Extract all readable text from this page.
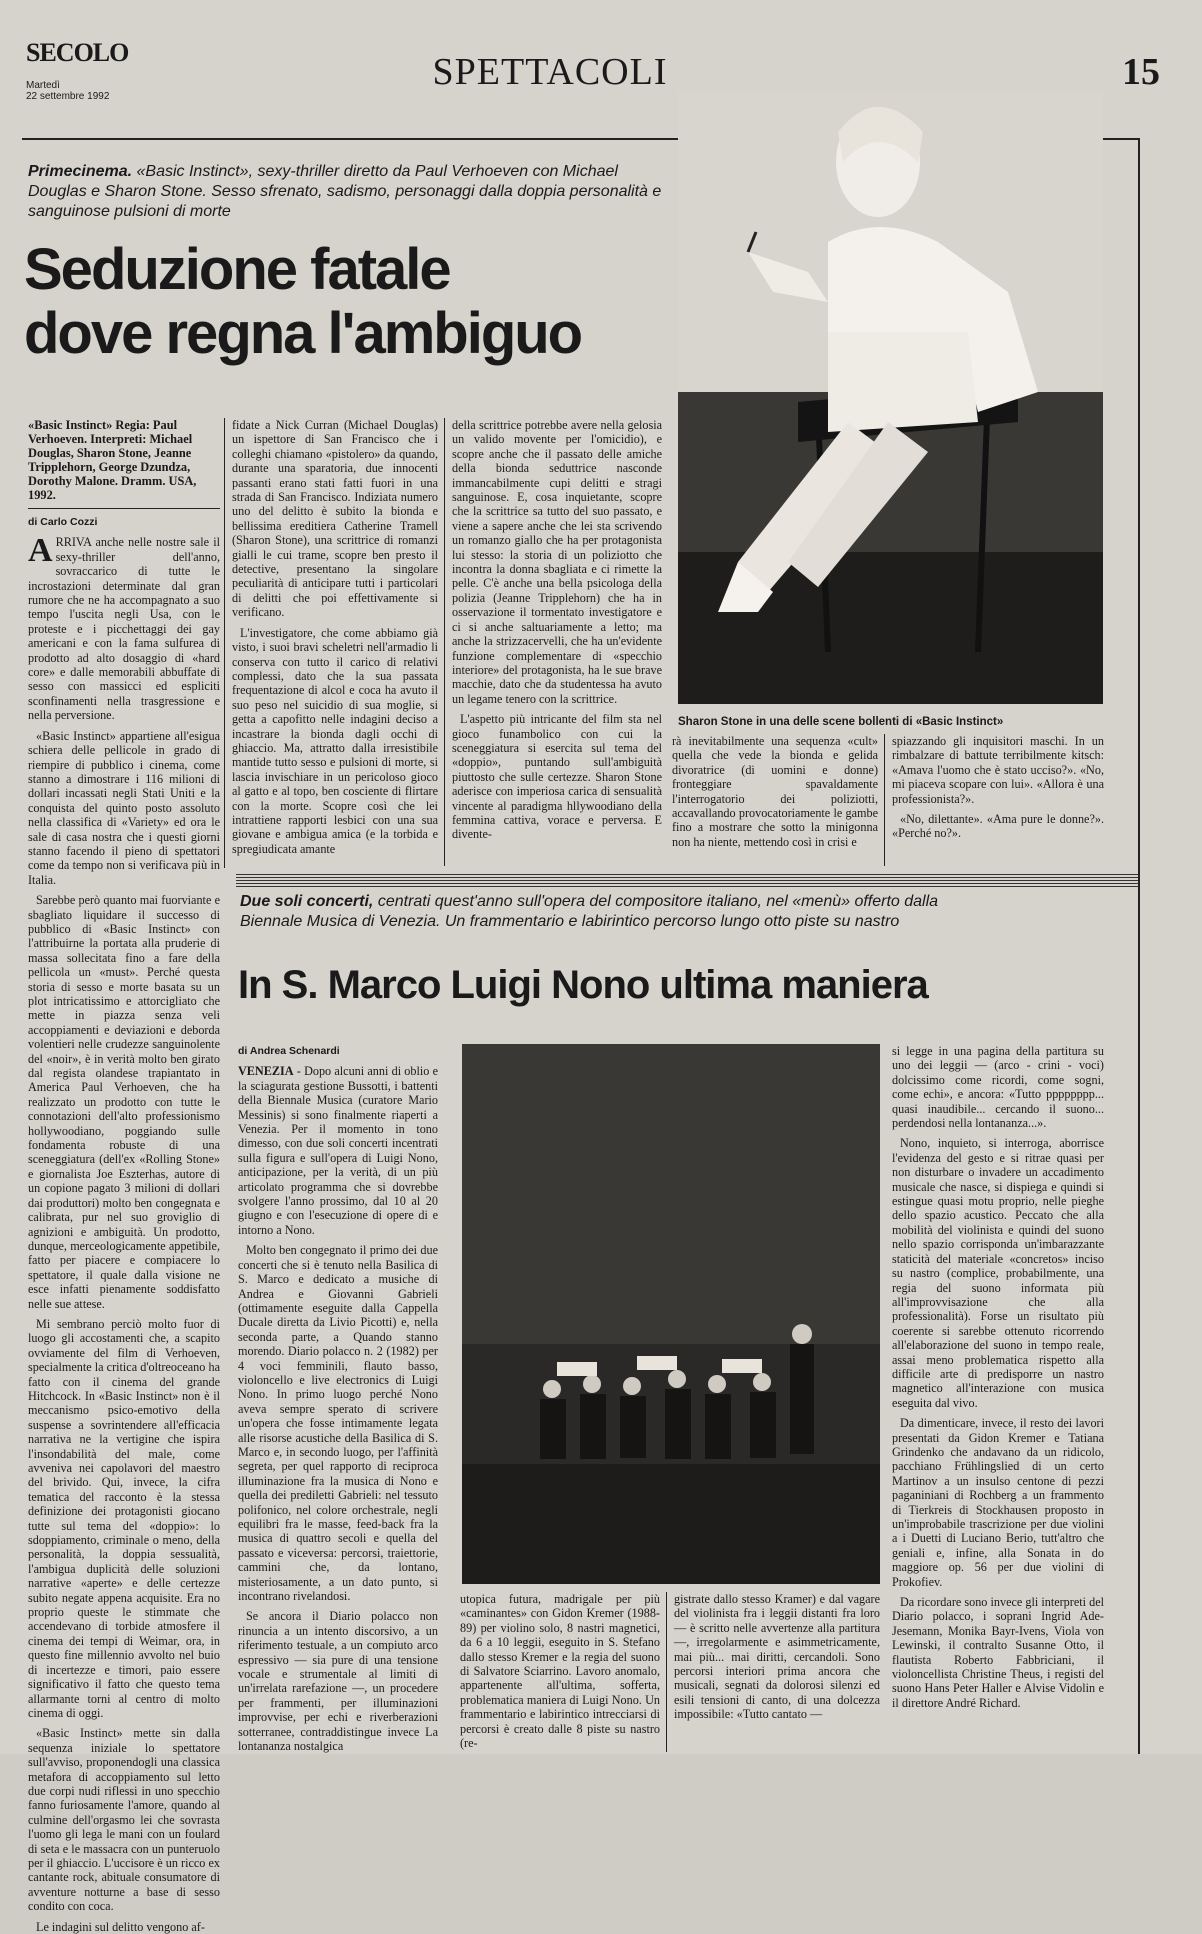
SECOLO
Martedì
22 settembre 1992
SPETTACOLI	15
Primecinema. «Basic Instinct», sexy-thriller diretto da Paul Verhoeven con Michael Douglas e Sharon Stone. Sesso sfrenato, sadismo, personaggi dalla doppia personalità e sanguinose pulsioni di morte
Seduzione fatale
dove regna l'ambiguo
Sharon Stone in una delle scene bollenti di «Basic Instinct»
«Basic Instinct» Regia: Paul Verhoeven. Interpreti: Michael Douglas, Sharon Stone, Jeanne Tripplehorn, George Dzundza, Dorothy Malone. Dramm. USA, 1992.
di Carlo Cozzi

ARRIVA anche nelle nostre sale il sexy-thriller dell'anno, sovraccarico di tutte le incrostazioni determinate dal gran rumore che ne ha accompagnato a suo tempo l'uscita negli Usa, con le proteste e i picchettaggi dei gay americani e con la fama sulfurea di prodotto ad alto dosaggio di «hard core» e dalle memorabili abbuffate di sesso con massicci ed espliciti sconfinamenti nella trasgressione e nella perversione.

«Basic Instinct» appartiene all'esigua schiera delle pellicole in grado di riempire di pubblico i cinema, come stanno a dimostrare i 116 milioni di dollari incassati negli Stati Uniti e la conquista del quinto posto assoluto nella classifica di «Variety» ed ora le sale di casa nostra che i questi giorni stanno facendo il pieno di spettatori come da tempo non si verificava più in Italia.

Sarebbe però quanto mai fuorviante e sbagliato liquidare il successo di pubblico di «Basic Instinct» con l'attribuirne la portata alla pruderie di massa sollecitata fino a fare della pellicola un «must». Perché questa storia di sesso e morte basata su un plot intricatissimo e attorcigliato che mette in piazza senza veli accoppiamenti e deviazioni e deborda volentieri nelle crudezze sanguinolente del «noir», è in verità molto ben girato dal regista olandese trapiantato in America Paul Verhoeven, che ha realizzato un prodotto con tutte le connotazioni dell'alto professionismo hollywoodiano, poggiando sulle fondamenta robuste di una sceneggiatura (dell'ex «Rolling Stone» e giornalista Joe Eszterhas, autore di un copione pagato 3 milioni di dollari dai produttori) molto ben congegnata e calibrata, pur nel suo groviglio di agnizioni e ambiguità. Un prodotto, dunque, merceologicamente appetibile, fatto per piacere e compiacere lo spettatore, il quale dalla visione ne esce infatti pienamente soddisfatto nelle sue attese.

Mi sembrano perciò molto fuor di luogo gli accostamenti che, a scapito ovviamente del film di Verhoeven, specialmente la critica d'oltreoceano ha fatto con il cinema del grande Hitchcock. In «Basic Instinct» non è il meccanismo psico-emotivo della suspense a sovrintendere all'efficacia narrativa ne la vertigine che ispira l'insondabilità del male, come avveniva nei capolavori del maestro del brivido. Qui, invece, la cifra tematica del racconto è la stessa definizione dei protagonisti giocano tutte sul tema del «doppio»: lo sdoppiamento, criminale o meno, della personalità, la doppia sessualità, l'ambigua duplicità delle soluzioni narrative «aperte» e delle certezze subito negate appena acquisite. Era no proprio queste le stimmate che accendevano di torbide atmosfere il cinema dei tempi di Weimar, ora, in questo fine millennio avvolto nel buio di incertezze e timori, paio essere significativo il fatto che questo tema allarmante torni al centro di molto cinema di oggi.

«Basic Instinct» mette sin dalla sequenza iniziale lo spettatore sull'avviso, proponendogli una classica metafora di accoppiamento sul letto due corpi nudi riflessi in uno specchio fanno furiosamente l'amore, quando al culmine dell'orgasmo lei che sovrasta l'uomo gli lega le mani con un foulard di seta e le massacra con un punteruolo per il ghiaccio. L'uccisore è un ricco ex cantante rock, abituale consumatore di avventure notturne a base di sesso condito con coca.

Le indagini sul delitto vengono af-

fidate a Nick Curran (Michael Douglas) un ispettore di San Francisco che i colleghi chiamano «pistolero» da quando, durante una sparatoria, due innocenti passanti erano stati fatti fuori in una strada di San Francisco. Indiziata numero uno del delitto è subito la bionda e bellissima ereditiera Catherine Tramell (Sharon Stone), una scrittrice di romanzi gialli le cui trame, scopre ben presto il detective, presentano la singolare peculiarità di anticipare tutti i particolari di delitti che poi effettivamente si verificano.

L'investigatore, che come abbiamo già visto, i suoi bravi scheletri nell'armadio li conserva con tutto il carico di relativi complessi, dato che la sua passata frequentazione di alcol e coca ha avuto il suo peso nel suicidio di sua moglie, si getta a capofitto nelle indagini deciso a incastrare la bionda dagli occhi di ghiaccio. Ma, attratto dalla irresistibile mantide tutto sesso e pulsioni di morte, si lascia invischiare in un pericoloso gioco al gatto e al topo, ben cosciente di flirtare con la morte. Scopre così che lei intrattiene rapporti lesbici con una sua giovane e ambigua amica (e la torbida e spregiudicata amante

della scrittrice potrebbe avere nella gelosia un valido movente per l'omicidio), e scopre anche che il passato delle amiche della bionda seduttrice nasconde immancabilmente cupi delitti e stragi sanguinose. E, cosa inquietante, scopre che la scrittrice sa tutto del suo passato, e viene a sapere anche che lei sta scrivendo un romanzo giallo che ha per protagonista lui stesso: la storia di un poliziotto che incontra la donna sbagliata e ci rimette la pelle. C'è anche una bella psicologa della polizia (Jeanne Tripplehorn) che ha in osservazione il tormentato investigatore e ci si anche saltuariamente a letto; ma anche la strizzacervelli, che ha un'evidente funzione complementare di «specchio interiore» del protagonista, ha le sue brave macchie, dato che da studentessa ha avuto un legame tenero con la scrittrice.

L'aspetto più intricante del film sta nel gioco funambolico con cui la sceneggiatura si esercita sul tema del «doppio», puntando sull'ambiguità piuttosto che sulle certezze. Sharon Stone aderisce con imperiosa carica di sensualità vincente al paradigma hllywoodiano della femmina cattiva, vorace e perversa. E divente-

rà inevitabilmente una sequenza «cult» quella che vede la bionda e gelida divoratrice (di uomini e donne) fronteggiare spavaldamente l'interrogatorio dei poliziotti, accavallando provocatoriamente le gambe fino a mostrare che sotto la minigonna non ha niente, mettendo così in crisi e

spiazzando gli inquisitori maschi. In un rimbalzare di battute terribilmente kitsch: «Amava l'uomo che è stato ucciso?». «No, mi piaceva scopare con lui». «Allora è una professionista?».

«No, dilettante». «Ama pure le donne?». «Perché no?».

Due soli concerti, centrati quest'anno sull'opera del compositore italiano, nel «menù» offerto dalla Biennale Musica di Venezia. Un frammentario e labirintico percorso lungo otto piste su nastro
In S. Marco Luigi Nono ultima maniera
di Andrea Schenardi

VENEZIA - Dopo alcuni anni di oblio e la sciagurata gestione Bussotti, i battenti della Biennale Musica (curatore Mario Messinis) si sono finalmente riaperti a Venezia. Per il momento in tono dimesso, con due soli concerti incentrati sulla figura e sull'opera di Luigi Nono, anticipazione, per la verità, di un più articolato programma che si dovrebbe svolgere l'anno prossimo, dal 10 al 20 giugno e con l'esecuzione di opere di e intorno a Nono.

Molto ben congegnato il primo dei due concerti che si è tenuto nella Basilica di S. Marco e dedicato a musiche di Andrea e Giovanni Gabrieli (ottimamente eseguite dalla Cappella Ducale diretta da Livio Picotti) e, nella seconda parte, a Quando stanno morendo. Diario polacco n. 2 (1982) per 4 voci femminili, flauto basso, violoncello e live electronics di Luigi Nono. In primo luogo perché Nono aveva sempre sperato di scrivere un'opera che fosse intimamente legata alle risorse acustiche della Basilica di S. Marco e, in secondo luogo, per l'affinità segreta, per quel rapporto di reciproca illuminazione fra la musica di Nono e quella dei prediletti Gabrieli: nel tessuto polifonico, nel colore orchestrale, negli equilibri fra le masse, feed-back fra la musica di quattro secoli e quella del passato e viceversa: percorsi, traiettorie, cammini che, da lontano, misteriosamente, a un dato punto, si incontrano rivelandosi.

Se ancora il Diario polacco non rinuncia a un intento discorsivo, a un riferimento testuale, a un compiuto arco espressivo — sia pure di una tensione vocale e strumentale al limiti di un'irrelata rarefazione —, un procedere per frammenti, per illuminazioni improvvise, per echi e riverberazioni sotterranee, contraddistingue invece La lontananza nostalgica

utopica futura, madrigale per più «caminantes» con Gidon Kremer (1988-89) per violino solo, 8 nastri magnetici, da 6 a 10 leggii, eseguito in S. Stefano dallo stesso Kremer e la regia del suono di Salvatore Sciarrino. Lavoro anomalo, appartenente all'ultima, sofferta, problematica maniera di Luigi Nono. Un frammentario e labirintico intrecciarsi di percorsi è creato dalle 8 piste su nastro (re-

gistrate dallo stesso Kramer) e dal vagare del violinista fra i leggii distanti fra loro — è scritto nelle avvertenze alla partitura —, irregolarmente e asimmetricamente, mai più... mai diritti, cercandoli. Sono percorsi interiori prima ancora che musicali, segnati da dolorosi silenzi ed esili tensioni di canto, di una dolcezza impossibile: «Tutto cantato —

si legge in una pagina della partitura su uno dei leggii — (arco - crini - voci) dolcissimo come ricordi, come sogni, come echi», e ancora: «Tutto pppppppp... quasi inaudibile... cercando il suono... perdendosi nella lontananza...».

Nono, inquieto, si interroga, aborrisce l'evidenza del gesto e si ritrae quasi per non disturbare o invadere un accadimento musicale che nasce, si dispiega e quindi si estingue quasi motu proprio, nelle pieghe dello spazio acustico. Peccato che alla mobilità del violinista e quindi del suono nello spazio corrisponda un'imbarazzante staticità del materiale «concretos» inciso su nastro (complice, probabilmente, una regia del suono informata più all'improvvisazione che alla professionalità). Forse un risultato più coerente si sarebbe ottenuto ricorrendo all'elaborazione del suono in tempo reale, assai meno problematica rispetto alla difficile arte di predisporre un nastro magnetico all'interazione con musica eseguita dal vivo.

Da dimenticare, invece, il resto dei lavori presentati da Gidon Kremer e Tatiana Grindenko che andavano da un ridicolo, pacchiano Frühlingslied di un certo Martinov a un insulso centone di pezzi paganiniani di Rochberg a un frammento di Tierkreis di Stockhausen proposto in un'improbabile trascrizione per due violini a i Duetti di Luciano Berio, tutt'altro che geniali e, infine, alla Sonata in do maggiore op. 56 per due violini di Prokofiev.

Da ricordare sono invece gli interpreti del Diario polacco, i soprani Ingrid Ade-Jesemann, Monika Bayr-Ivens, Viola von Lewinski, il contralto Susanne Otto, il flautista Roberto Fabbriciani, il violoncellista Christine Theus, i registi del suono Hans Peter Haller e Alvise Vidolin e il direttore André Richard.
